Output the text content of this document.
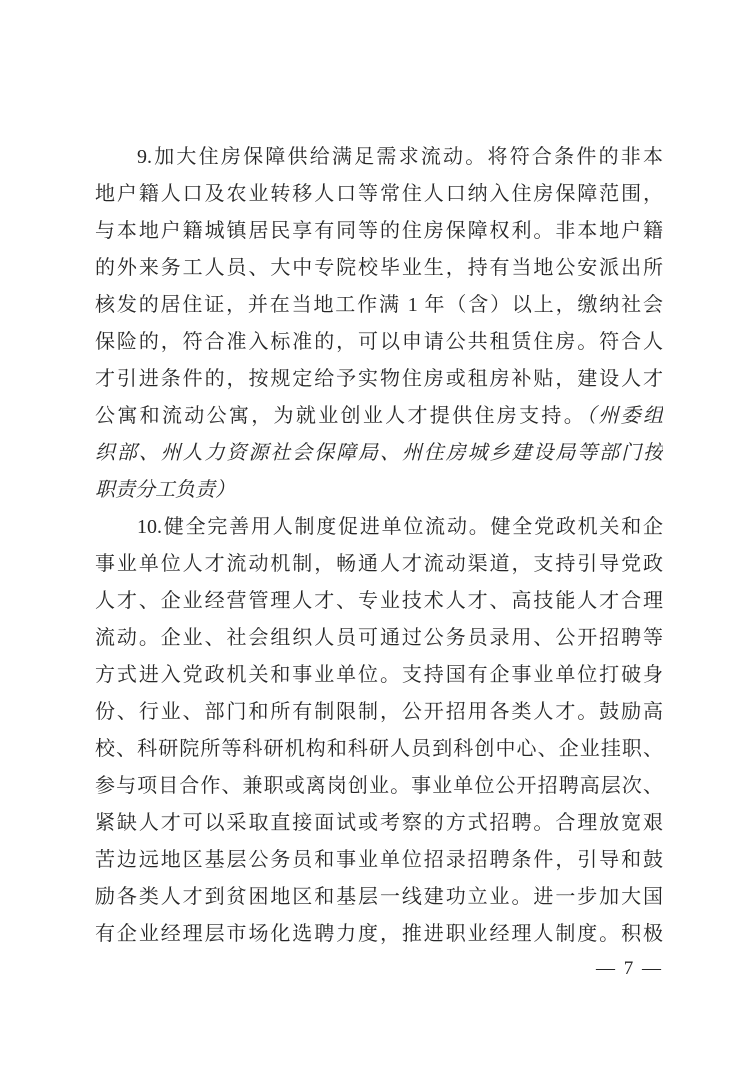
9.加大住房保障供给满足需求流动。将符合条件的非本
地户籍人口及农业转移人口等常住人口纳入住房保障范围，
与本地户籍城镇居民享有同等的住房保障权利。非本地户籍
的外来务工人员、大中专院校毕业生，持有当地公安派出所
核发的居住证，并在当地工作满 1 年（含）以上，缴纳社会
保险的，符合准入标准的，可以申请公共租赁住房。符合人
才引进条件的，按规定给予实物住房或租房补贴，建设人才
公寓和流动公寓，为就业创业人才提供住房支持。（州委组
织部、州人力资源社会保障局、州住房城乡建设局等部门按
职责分工负责）
10.健全完善用人制度促进单位流动。健全党政机关和企
事业单位人才流动机制，畅通人才流动渠道，支持引导党政
人才、企业经营管理人才、专业技术人才、高技能人才合理
流动。企业、社会组织人员可通过公务员录用、公开招聘等
方式进入党政机关和事业单位。支持国有企事业单位打破身
份、行业、部门和所有制限制，公开招用各类人才。鼓励高
校、科研院所等科研机构和科研人员到科创中心、企业挂职、
参与项目合作、兼职或离岗创业。事业单位公开招聘高层次、
紧缺人才可以采取直接面试或考察的方式招聘。合理放宽艰
苦边远地区基层公务员和事业单位招录招聘条件，引导和鼓
励各类人才到贫困地区和基层一线建功立业。进一步加大国
有企业经理层市场化选聘力度，推进职业经理人制度。积极
— 7 —
